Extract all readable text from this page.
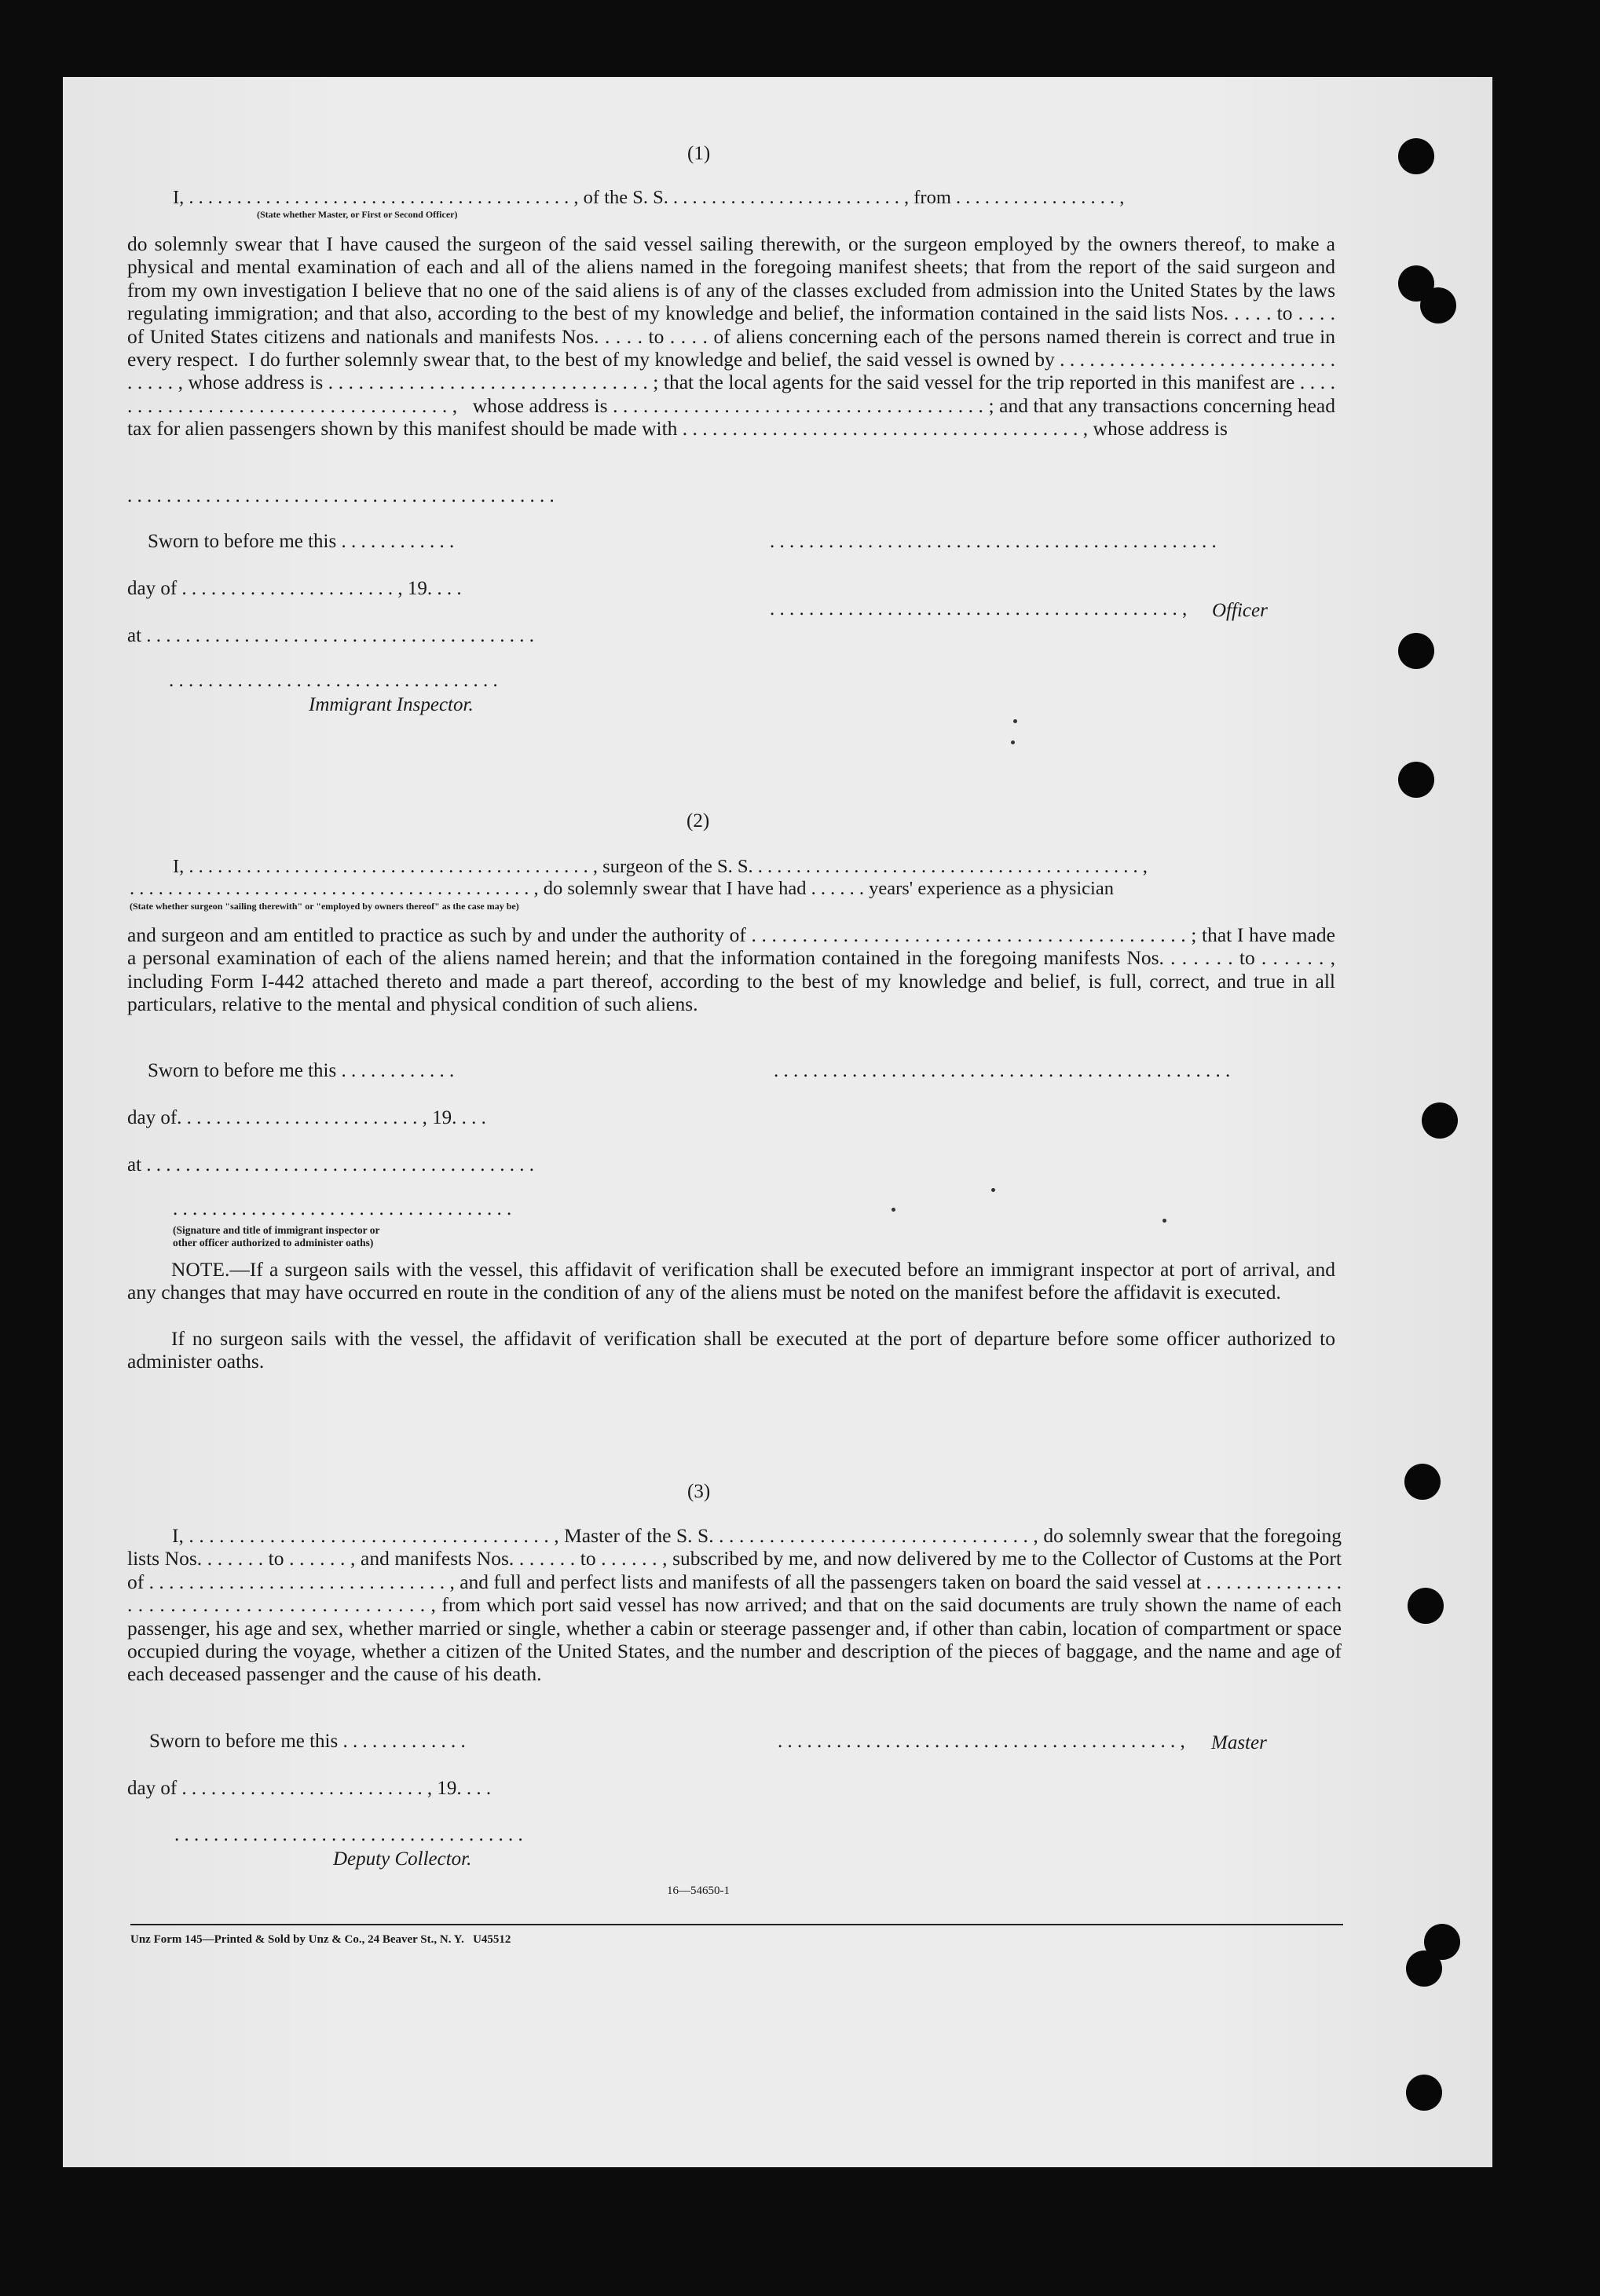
(1)
I, . . . . . . . . . . . . . . . . . . . . . . . . . . . . . . . . . . . . . . . . , of the S. S. . . . . . . . . . . . . . . . . . . . . . . . . , from . . . . . . . . . . . . . . . . . ,
(State whether Master, or First or Second Officer)
do solemnly swear that I have caused the surgeon of the said vessel sailing therewith, or the surgeon employed by the owners thereof, to make a physical and mental examination of each and all of the aliens named in the foregoing manifest sheets; that from the report of the said surgeon and from my own investigation I believe that no one of the said aliens is of any of the classes excluded from admission into the United States by the laws regulating immigration; and that also, according to the best of my knowledge and belief, the information contained in the said lists Nos. . . . . to . . . . of United States citizens and nationals and manifests Nos. . . . . to . . . . of aliens concerning each of the persons named therein is correct and true in every respect.  I do further solemnly swear that, to the best of my knowledge and belief, the said vessel is owned by . . . . . . . . . . . . . . . . . . . . . . . . . . . . . . . . . , whose address is . . . . . . . . . . . . . . . . . . . . . . . . . . . . . . . . ; that the local agents for the said vessel for the trip reported in this manifest are . . . . . . . . . . . . . . . . . . . . . . . . . . . . . . . . . . . . ,   whose address is . . . . . . . . . . . . . . . . . . . . . . . . . . . . . . . . . . . . . ; and that any transactions concerning head tax for alien passengers shown by this manifest should be made with . . . . . . . . . . . . . . . . . . . . . . . . . . . . . . . . . . . . . . . . , whose address is
. . . . . . . . . . . . . . . . . . . . . . . . . . . . . . . . . . . . . . . . . . . .
Sworn to before me this . . . . . . . . . . . .
day of . . . . . . . . . . . . . . . . . . . . . . , 19. . . .
at . . . . . . . . . . . . . . . . . . . . . . . . . . . . . . . . . . . . . . . .
. . . . . . . . . . . . . . . . . . . . . . . . . . . . . . . . . .
Immigrant Inspector.
. . . . . . . . . . . . . . . . . . . . . . . . . . . . . . . . . . . . . . . . . . . . . .
. . . . . . . . . . . . . . . . . . . . . . . . . . . . . . . . . . . . . . . . . . , Officer
(2)
I, . . . . . . . . . . . . . . . . . . . . . . . . . . . . . . . . . . . . . . . . . . , surgeon of the S. S. . . . . . . . . . . . . . . . . . . . . . . . . . . . . . . . . . . . . . . . . ,
. . . . . . . . . . . . . . . . . . . . . . . . . . . . . . . . . . . . . . . . . . , do solemnly swear that I have had . . . . . . years' experience as a physician
(State whether surgeon "sailing therewith" or "employed by owners thereof" as the case may be)
and surgeon and am entitled to practice as such by and under the authority of . . . . . . . . . . . . . . . . . . . . . . . . . . . . . . . . . . . . . . . . . . . ; that I have made a personal examination of each of the aliens named herein; and that the information contained in the foregoing manifests Nos. . . . . . . to . . . . . . , including Form I-442 attached thereto and made a part thereof, according to the best of my knowledge and belief, is full, correct, and true in all particulars, relative to the mental and physical condition of such aliens.
Sworn to before me this . . . . . . . . . . . .
day of. . . . . . . . . . . . . . . . . . . . . . . . . , 19. . . .
at . . . . . . . . . . . . . . . . . . . . . . . . . . . . . . . . . . . . . . . .
. . . . . . . . . . . . . . . . . . . . . . . . . . . . . . . . . . .
(Signature and title of immigrant inspector or
other officer authorized to administer oaths)
. . . . . . . . . . . . . . . . . . . . . . . . . . . . . . . . . . . . . . . . . . . . . . .
NOTE.—If a surgeon sails with the vessel, this affidavit of verification shall be executed before an immigrant inspector at port of arrival, and any changes that may have occurred en route in the condition of any of the aliens must be noted on the manifest before the affidavit is executed.
If no surgeon sails with the vessel, the affidavit of verification shall be executed at the port of departure before some officer authorized to administer oaths.
(3)
I, . . . . . . . . . . . . . . . . . . . . . . . . . . . . . . . . . . . . , Master of the S. S. . . . . . . . . . . . . . . . . . . . . . . . . . . . . . . . , do solemnly swear that the foregoing lists Nos. . . . . . . to . . . . . . , and manifests Nos. . . . . . . to . . . . . . , subscribed by me, and now delivered by me to the Collector of Customs at the Port of . . . . . . . . . . . . . . . . . . . . . . . . . . . . . . , and full and perfect lists and manifests of all the passengers taken on board the said vessel at . . . . . . . . . . . . . . . . . . . . . . . . . . . . . . . . . . . . . . . . . . , from which port said vessel has now arrived; and that on the said documents are truly shown the name of each passenger, his age and sex, whether married or single, whether a cabin or steerage passenger and, if other than cabin, location of compartment or space occupied during the voyage, whether a citizen of the United States, and the number and description of the pieces of baggage, and the name and age of each deceased passenger and the cause of his death.
Sworn to before me this . . . . . . . . . . . . .
day of . . . . . . . . . . . . . . . . . . . . . . . . . , 19. . . .
. . . . . . . . . . . . . . . . . . . . . . . . . . . . . . . . . . . .
Deputy Collector.
. . . . . . . . . . . . . . . . . . . . . . . . . . . . . . . . . . . . . . . . . , Master
16—54650-1
Unz Form 145—Printed & Sold by Unz & Co., 24 Beaver St., N. Y.   U45512
